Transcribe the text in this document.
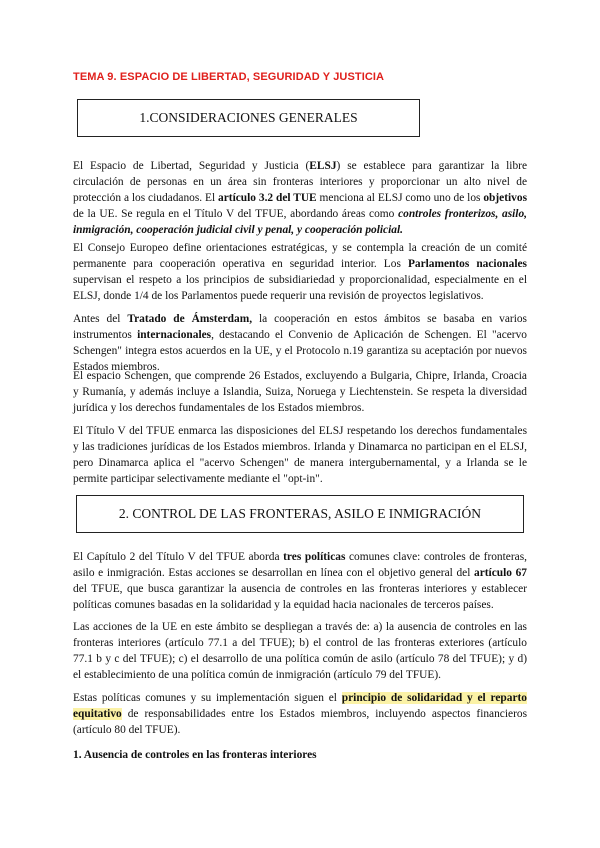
TEMA 9. ESPACIO DE LIBERTAD, SEGURIDAD Y JUSTICIA
1.CONSIDERACIONES GENERALES

El Espacio de Libertad, Seguridad y Justicia (ELSJ) se establece para garantizar la libre circulación de personas en un área sin fronteras interiores y proporcionar un alto nivel de protección a los ciudadanos. El artículo 3.2 del TUE menciona al ELSJ como uno de los objetivos de la UE. Se regula en el Título V del TFUE, abordando áreas como controles fronterizos, asilo, inmigración, cooperación judicial civil y penal, y cooperación policial.

El Consejo Europeo define orientaciones estratégicas, y se contempla la creación de un comité permanente para cooperación operativa en seguridad interior. Los Parlamentos nacionales supervisan el respeto a los principios de subsidiariedad y proporcionalidad, especialmente en el ELSJ, donde 1/4 de los Parlamentos puede requerir una revisión de proyectos legislativos.

Antes del Tratado de Ámsterdam, la cooperación en estos ámbitos se basaba en varios instrumentos internacionales, destacando el Convenio de Aplicación de Schengen. El "acervo Schengen" integra estos acuerdos en la UE, y el Protocolo n.19 garantiza su aceptación por nuevos Estados miembros.

El espacio Schengen, que comprende 26 Estados, excluyendo a Bulgaria, Chipre, Irlanda, Croacia y Rumanía, y además incluye a Islandia, Suiza, Noruega y Liechtenstein. Se respeta la diversidad jurídica y los derechos fundamentales de los Estados miembros.

El Título V del TFUE enmarca las disposiciones del ELSJ respetando los derechos fundamentales y las tradiciones jurídicas de los Estados miembros. Irlanda y Dinamarca no participan en el ELSJ, pero Dinamarca aplica el "acervo Schengen" de manera intergubernamental, y a Irlanda se le permite participar selectivamente mediante el "opt-in".

2. CONTROL DE LAS FRONTERAS, ASILO E INMIGRACIÓN

El Capítulo 2 del Título V del TFUE aborda tres políticas comunes clave: controles de fronteras, asilo e inmigración. Estas acciones se desarrollan en línea con el objetivo general del artículo 67 del TFUE, que busca garantizar la ausencia de controles en las fronteras interiores y establecer políticas comunes basadas en la solidaridad y la equidad hacia nacionales de terceros países.

Las acciones de la UE en este ámbito se despliegan a través de: a) la ausencia de controles en las fronteras interiores (artículo 77.1 a del TFUE); b) el control de las fronteras exteriores (artículo 77.1 b y c del TFUE); c) el desarrollo de una política común de asilo (artículo 78 del TFUE); y d) el establecimiento de una política común de inmigración (artículo 79 del TFUE).

Estas políticas comunes y su implementación siguen el principio de solidaridad y el reparto equitativo de responsabilidades entre los Estados miembros, incluyendo aspectos financieros (artículo 80 del TFUE).

1. Ausencia de controles en las fronteras interiores
